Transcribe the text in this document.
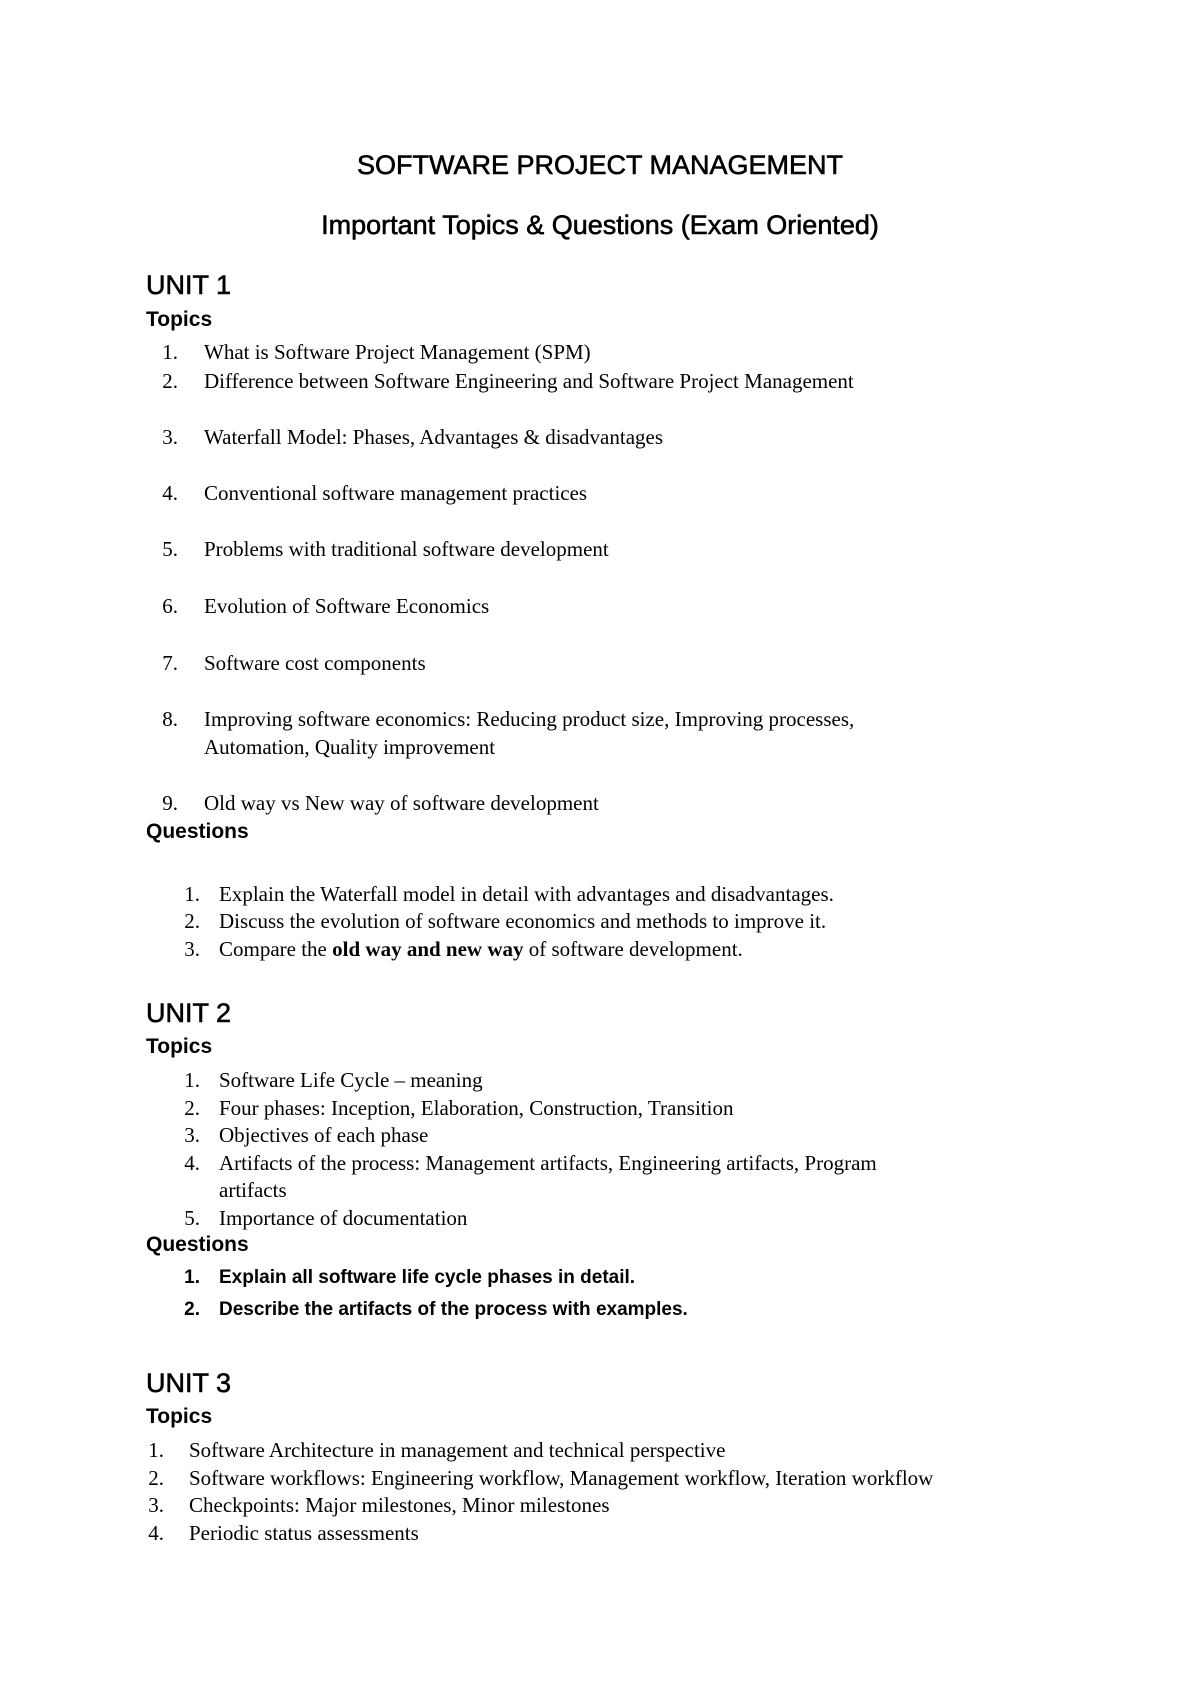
SOFTWARE PROJECT MANAGEMENT
Important Topics & Questions (Exam Oriented)
UNIT 1
Topics
1. What is Software Project Management (SPM)
2. Difference between Software Engineering and Software Project Management
3. Waterfall Model: Phases, Advantages & disadvantages
4. Conventional software management practices
5. Problems with traditional software development
6. Evolution of Software Economics
7. Software cost components
8. Improving software economics: Reducing product size, Improving processes,
Automation, Quality improvement
9. Old way vs New way of software development
Questions
1. Explain the Waterfall model in detail with advantages and disadvantages.
2. Discuss the evolution of software economics and methods to improve it.
3. Compare the old way and new way of software development.
UNIT 2
Topics
1. Software Life Cycle – meaning
2. Four phases: Inception, Elaboration, Construction, Transition
3. Objectives of each phase
4. Artifacts of the process: Management artifacts, Engineering artifacts, Program
artifacts
5. Importance of documentation
Questions
1. Explain all software life cycle phases in detail.
2. Describe the artifacts of the process with examples.
UNIT 3
Topics
1. Software Architecture in management and technical perspective
2. Software workflows: Engineering workflow, Management workflow, Iteration workflow
3. Checkpoints: Major milestones, Minor milestones
4. Periodic status assessments
